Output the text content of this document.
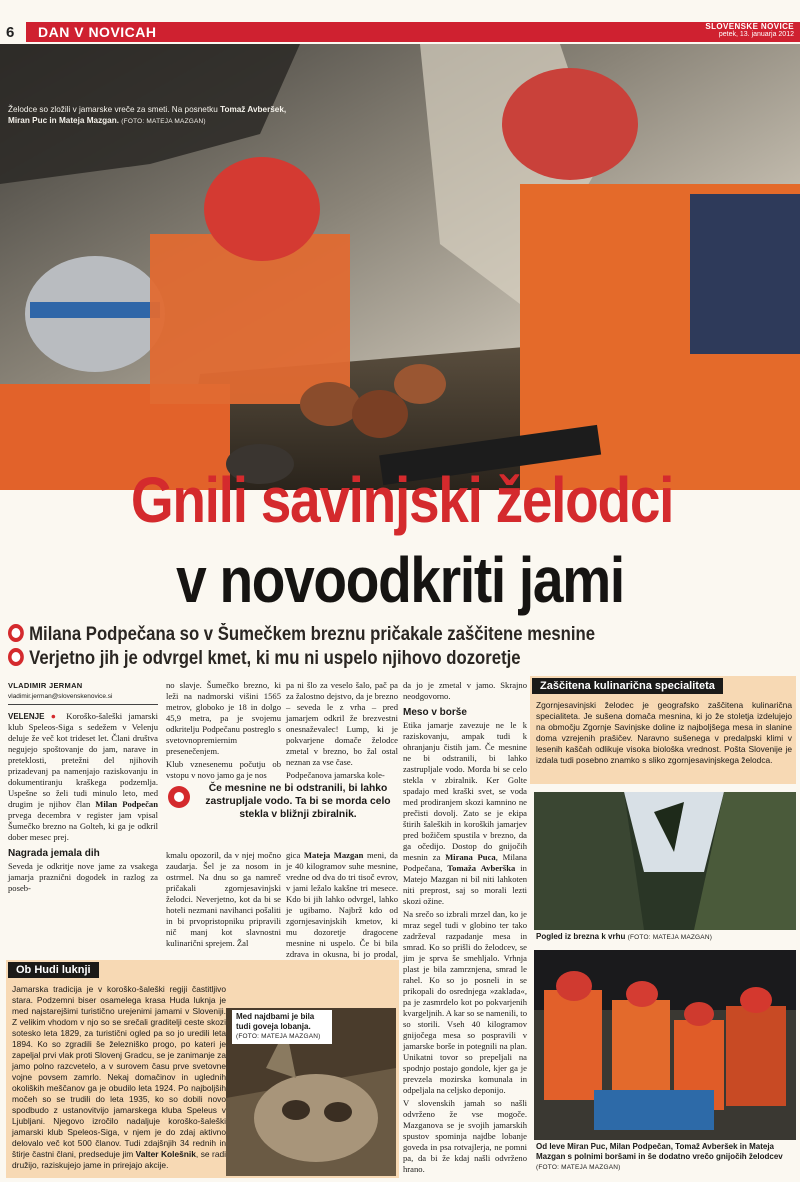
6 DAN V NOVICAH	SLOVENSKE NOVICE
petek, 13. januarja 2012
Želodce so zložili v jamarske vreče za smeti. Na posnetku Tomaž Avberšek, Miran Puc in Mateja Mazgan. (FOTO: MATEJA MAZGAN)
Gnili savinjski želodci
v novoodkriti jami
Milana Podpečana so v Šumečkem breznu pričakale zaščitene mesnine
Verjetno jih je odvrgel kmet, ki mu ni uspelo njihovo dozoretje
VLADIMIR JERMAN
vladimir.jerman@slovenskenovice.si

VELENJE ● Koroško-šaleški jamarski klub Speleos-Siga s sedežem v Velenju deluje že več kot trideset let. Člani društva negujejo spoštovanje do jam, narave in preteklosti, pretežni del njihovih prizadevanj pa namenjajo raziskovanju in dokumentiranju kraškega podzemlja. Uspešne so želi tudi minulo leto, med drugim je njihov član Milan Podpečan prvega decembra v register jam vpisal Šumečko brezno na Golteh, ki ga je odkril dober mesec prej.

Nagrada jemala dih

Seveda je odkritje nove jame za vsakega jamarja praznični dogodek in razlog za poseb-

no slavje. Šumečko brezno, ki leži na nadmorski višini 1565 metrov, globoko je 18 in dolgo 45,9 metra, pa je svojemu odkritelju Podpečanu postreglo s svetovnopremiernim presenečenjem.

Klub vznesenemu počutju ob vstopu v novo jamo ga je nos

pa ni šlo za veselo šalo, pač pa za žalostno dejstvo, da je brezno – seveda le z vrha – pred jamarjem odkril že brezvestni onesnaževalec! Lump, ki je pokvarjene domače želodce zmetal v brezno, bo žal ostal neznan za vse čase.

Podpečanova jamarska kole-

Če mesnine ne bi odstranili, bi lahko zastrupljale vodo. Ta bi se morda celo stekla v bližnji zbiralnik.

kmalu opozoril, da v njej močno zaudarja. Šel je za nosom in ostrmel. Na dnu so ga namreč pričakali zgornjesavinjski želodci. Neverjetno, kot da bi se hoteli nezmani navihanci pošaliti in bi prvopristopniku pripravili nič manj kot slavnostni kulinarični sprejem. Žal

gica Mateja Mazgan meni, da je 40 kilogramov suhe mesnine, vredne od dva do tri tisoč evrov, v jami ležalo kakšne tri mesece. Kdo bi jih lahko odvrgel, lahko je ugibamo. Najbrž kdo od zgornjesavinjskih kmetov, ki mu dozoretje dragocene mesnine ni uspelo. Če bi bila zdrava in okusna, bi jo prodal,

da jo je zmetal v jamo. Skrajno neodgovorno.

Meso v borše

Etika jamarje zavezuje ne le k raziskovanju, ampak tudi k ohranjanju čistih jam. Če mesnine ne bi odstranili, bi lahko zastrupljale vodo. Morda bi se celo stekla v zbiralnik. Ker Golte spadajo med kraški svet, se voda med prodiranjem skozi kamnino ne prečisti dovolj. Zato se je ekipa štirih šaleških in koroških jamarjev pred božičem spustila v brezno, da ga očedijo. Dostop do gnijočih mesnin za Mirana Puca, Milana Podpečana, Tomaža Avberška in Matejo Mazgan ni bil niti lahkoten niti preprost, saj so morali lezti skozi ožine.

Na srečo so izbrali mrzel dan, ko je mraz segel tudi v globino ter tako zadrževal razpadanje mesa in smrad. Ko so prišli do želodcev, se jim je sprva še smehljalo. Vrhnja plast je bila zamrznjena, smrad le rahel. Ko so jo posneli in se prikopali do osrednjega »zaklada«, pa je zasmrdelo kot po pokvarjenih kvargeljnih. A kar so se namenili, to so storili. Vseh 40 kilogramov gnijočega mesa so pospravili v jamarske borše in potegnili na plan. Unikatni tovor so prepeljali na spodnjo postajo gondole, kjer ga je prevzela mozirska komunala in odpeljala na celjsko deponijo.

V slovenskih jamah so našli odvrženo že vse mogoče. Mazganova se je svojih jamarskih spustov spominja najdbe lobanje goveda in psa rotvajlerja, ne pomni pa, da bi že kdaj našli odvrženo hrano.

Ob Hudi luknji
Jamarska tradicija je v koroško-šaleški regiji častitljivo stara. Podzemni biser osamelega krasa Huda luknja je med najstarejšimi turistično urejenimi jamami v Sloveniji. Z velikim vhodom v njo so se srečali graditelji ceste skozi sotesko leta 1829, za turistični ogled pa so jo uredili leta 1894. Ko so zgradili še železniško progo, po kateri je zapeljal prvi vlak proti Slovenj Gradcu, se je zanimanje za jamo polno razcvetelo, a v surovem času prve svetovne vojne povsem zamrlo. Nekaj domačinov in uglednih okoliških meščanov ga je obudilo leta 1924. Po najboljših močeh so se trudili do leta 1935, ko so dobili novo spodbudo z ustanovitvijo jamarskega kluba Speleus v Ljubljani. Njegovo izročilo nadaljuje koroško-šaleški jamarski klub Speleos-Siga, v njem je do zdaj aktivno delovalo več kot 500 članov. Tudi zdajšnjih 34 rednih in štirje častni člani, predseduje jim Valter Kolešnik, se radi družijo, raziskujejo jame in prirejajo akcije.
Med najdbami je bila tudi goveja lobanja.
(FOTO: MATEJA MAZGAN)
Zaščitena kulinarična specialiteta
Zgornjesavinjski želodec je geografsko zaščitena kulinarična specialiteta. Je sušena domača mesnina, ki jo že stoletja izdelujejo na območju Zgornje Savinjske doline iz najboljšega mesa in slanine doma vzrejenih prašičev. Naravno sušenega v predalpski klimi v lesenih kaščah odlikuje visoka biološka vrednost. Pošta Slovenije je izdala tudi posebno znamko s sliko zgornjesavinjskega želodca.
Pogled iz brezna k vrhu (FOTO: MATEJA MAZGAN)
Od leve Miran Puc, Milan Podpečan, Tomaž Avberšek in Mateja Mazgan s polnimi boršami in še dodatno vrečo gnijočih želodcev (FOTO: MATEJA MAZGAN)
